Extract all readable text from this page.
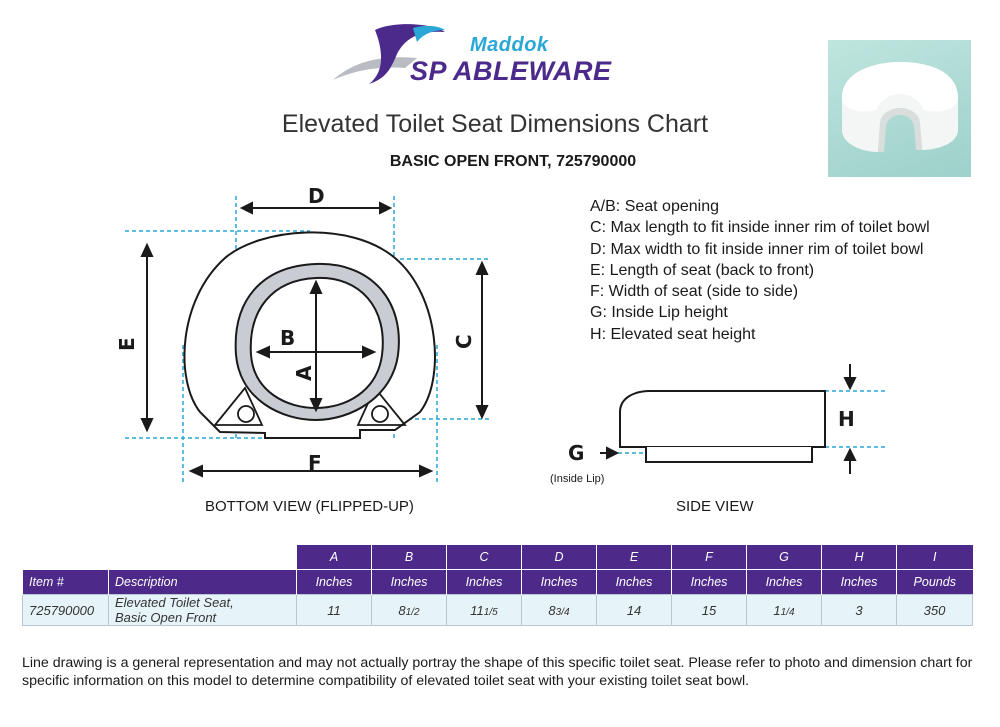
Maddok
SP ABLEWARE
Elevated Toilet Seat Dimensions Chart
BASIC OPEN FRONT, 725790000
D
E	C
F
B
A
A/B: Seat opening
C: Max length to fit inside inner rim of toilet bowl
D: Max width to fit inside inner rim of toilet bowl
E: Length of seat (back to front)
F: Width of seat (side to side)
G: Inside Lip height
H: Elevated seat height
H
G
(Inside Lip)
BOTTOM VIEW (FLIPPED-UP)	SIDE VIEW
		A	B	C	D	E	F	G	H	I
Item #	Description	Inches	Inches	Inches	Inches	Inches	Inches	Inches	Inches	Pounds
725790000	Elevated Toilet Seat,
Basic Open Front	11	81/2	111/5	83/4	14	15	11/4	3	350
Line drawing is a general representation and may not actually portray the shape of this specific toilet seat. Please refer to photo and dimension chart for specific information on this model to determine compatibility of elevated toilet seat with your existing toilet seat bowl.
